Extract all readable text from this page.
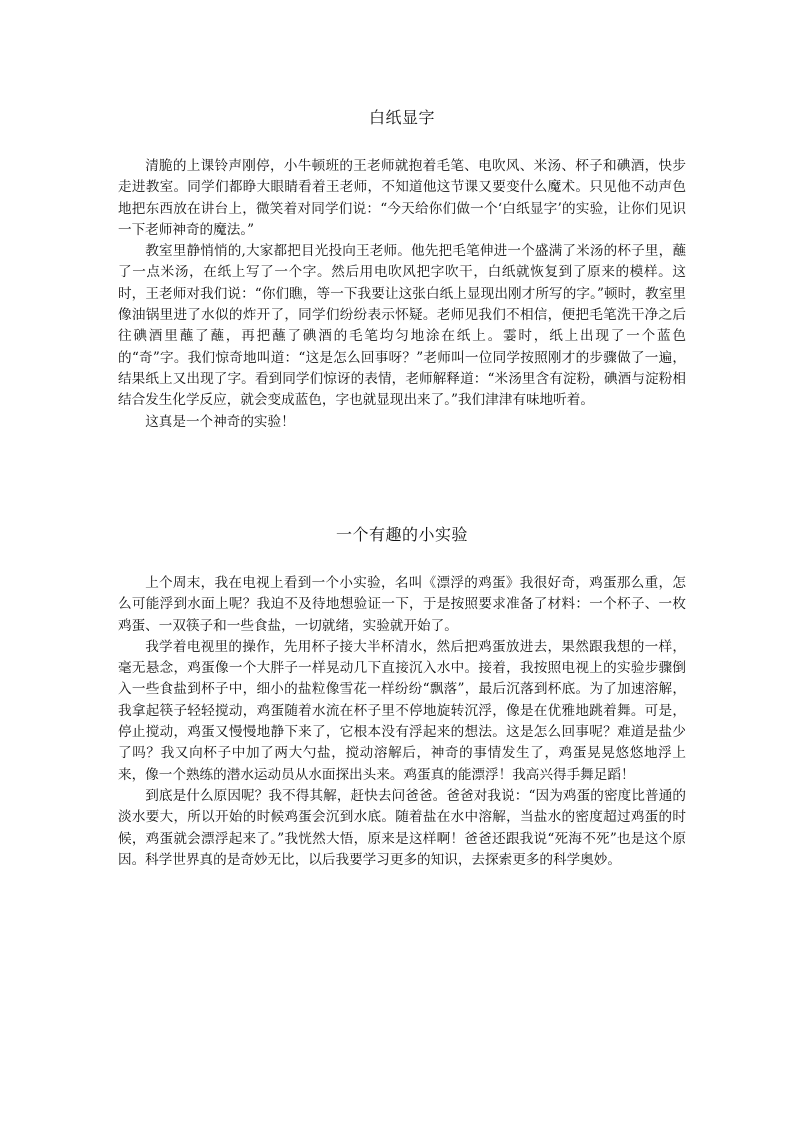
白纸显字

清脆的上课铃声刚停，小牛顿班的王老师就抱着毛笔、电吹风、米汤、杯子和碘酒，快步走进教室。同学们都睁大眼睛看着王老师，不知道他这节课又要变什么魔术。只见他不动声色地把东西放在讲台上，微笑着对同学们说：“今天给你们做一个‘白纸显字’的实验，让你们见识一下老师神奇的魔法。”

教室里静悄悄的,大家都把目光投向王老师。他先把毛笔伸进一个盛满了米汤的杯子里，蘸了一点米汤，在纸上写了一个字。然后用电吹风把字吹干，白纸就恢复到了原来的模样。这时，王老师对我们说：“你们瞧，等一下我要让这张白纸上显现出刚才所写的字。”顿时，教室里像油锅里进了水似的炸开了，同学们纷纷表示怀疑。老师见我们不相信，便把毛笔洗干净之后往碘酒里蘸了蘸，再把蘸了碘酒的毛笔均匀地涂在纸上。霎时，纸上出现了一个蓝色的“奇”字。我们惊奇地叫道：“这是怎么回事呀？”老师叫一位同学按照刚才的步骤做了一遍，结果纸上又出现了字。看到同学们惊讶的表情，老师解释道：“米汤里含有淀粉，碘酒与淀粉相结合发生化学反应，就会变成蓝色，字也就显现出来了。”我们津津有味地听着。

这真是一个神奇的实验！

一个有趣的小实验

上个周末，我在电视上看到一个小实验，名叫《漂浮的鸡蛋》我很好奇，鸡蛋那么重，怎么可能浮到水面上呢？我迫不及待地想验证一下，于是按照要求准备了材料：一个杯子、一枚鸡蛋、一双筷子和一些食盐，一切就绪，实验就开始了。

我学着电视里的操作，先用杯子接大半杯清水，然后把鸡蛋放进去，果然跟我想的一样，毫无悬念，鸡蛋像一个大胖子一样晃动几下直接沉入水中。接着，我按照电视上的实验步骤倒入一些食盐到杯子中，细小的盐粒像雪花一样纷纷“飘落”，最后沉落到杯底。为了加速溶解，我拿起筷子轻轻搅动，鸡蛋随着水流在杯子里不停地旋转沉浮，像是在优雅地跳着舞。可是，停止搅动，鸡蛋又慢慢地静下来了，它根本没有浮起来的想法。这是怎么回事呢？难道是盐少了吗？我又向杯子中加了两大勺盐，搅动溶解后，神奇的事情发生了，鸡蛋晃晃悠悠地浮上来，像一个熟练的潜水运动员从水面探出头来。鸡蛋真的能漂浮！我高兴得手舞足蹈！

到底是什么原因呢？我不得其解，赶快去问爸爸。爸爸对我说：“因为鸡蛋的密度比普通的淡水要大，所以开始的时候鸡蛋会沉到水底。随着盐在水中溶解，当盐水的密度超过鸡蛋的时候，鸡蛋就会漂浮起来了。”我恍然大悟，原来是这样啊！爸爸还跟我说“死海不死”也是这个原因。科学世界真的是奇妙无比，以后我要学习更多的知识，去探索更多的科学奥妙。
